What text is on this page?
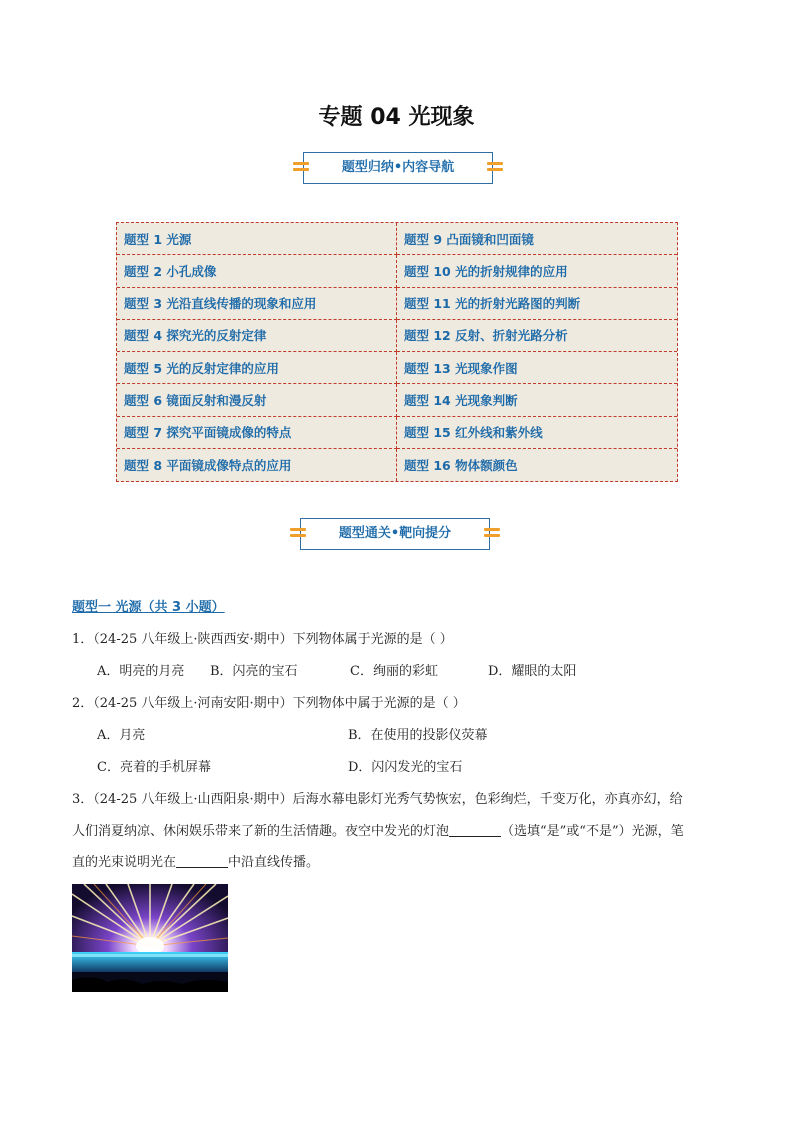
专题 04 光现象
题型归纳•内容导航
题型 1 光源	题型 9 凸面镜和凹面镜
题型 2 小孔成像	题型 10 光的折射规律的应用
题型 3 光沿直线传播的现象和应用	题型 11 光的折射光路图的判断
题型 4 探究光的反射定律	题型 12 反射、折射光路分析
题型 5 光的反射定律的应用	题型 13 光现象作图
题型 6 镜面反射和漫反射	题型 14 光现象判断
题型 7 探究平面镜成像的特点	题型 15 红外线和紫外线
题型 8 平面镜成像特点的应用	题型 16 物体额颜色
题型通关•靶向提分
题型一 光源（共 3 小题）
1．（24-25 八年级上·陕西西安·期中）下列物体属于光源的是（ ）
A．明亮的月亮 B．闪亮的宝石	C．绚丽的彩虹	D．耀眼的太阳
2．（24-25 八年级上·河南安阳·期中）下列物体中属于光源的是（ ）
A．月亮	B．在使用的投影仪荧幕
C．亮着的手机屏幕	D．闪闪发光的宝石
3．（24-25 八年级上·山西阳泉·期中）后海水幕电影灯光秀气势恢宏，色彩绚烂，千变万化，亦真亦幻，给
人们消夏纳凉、休闲娱乐带来了新的生活情趣。夜空中发光的灯泡	（选填“是”或“不是”）光源，笔
直的光束说明光在	中沿直线传播。
